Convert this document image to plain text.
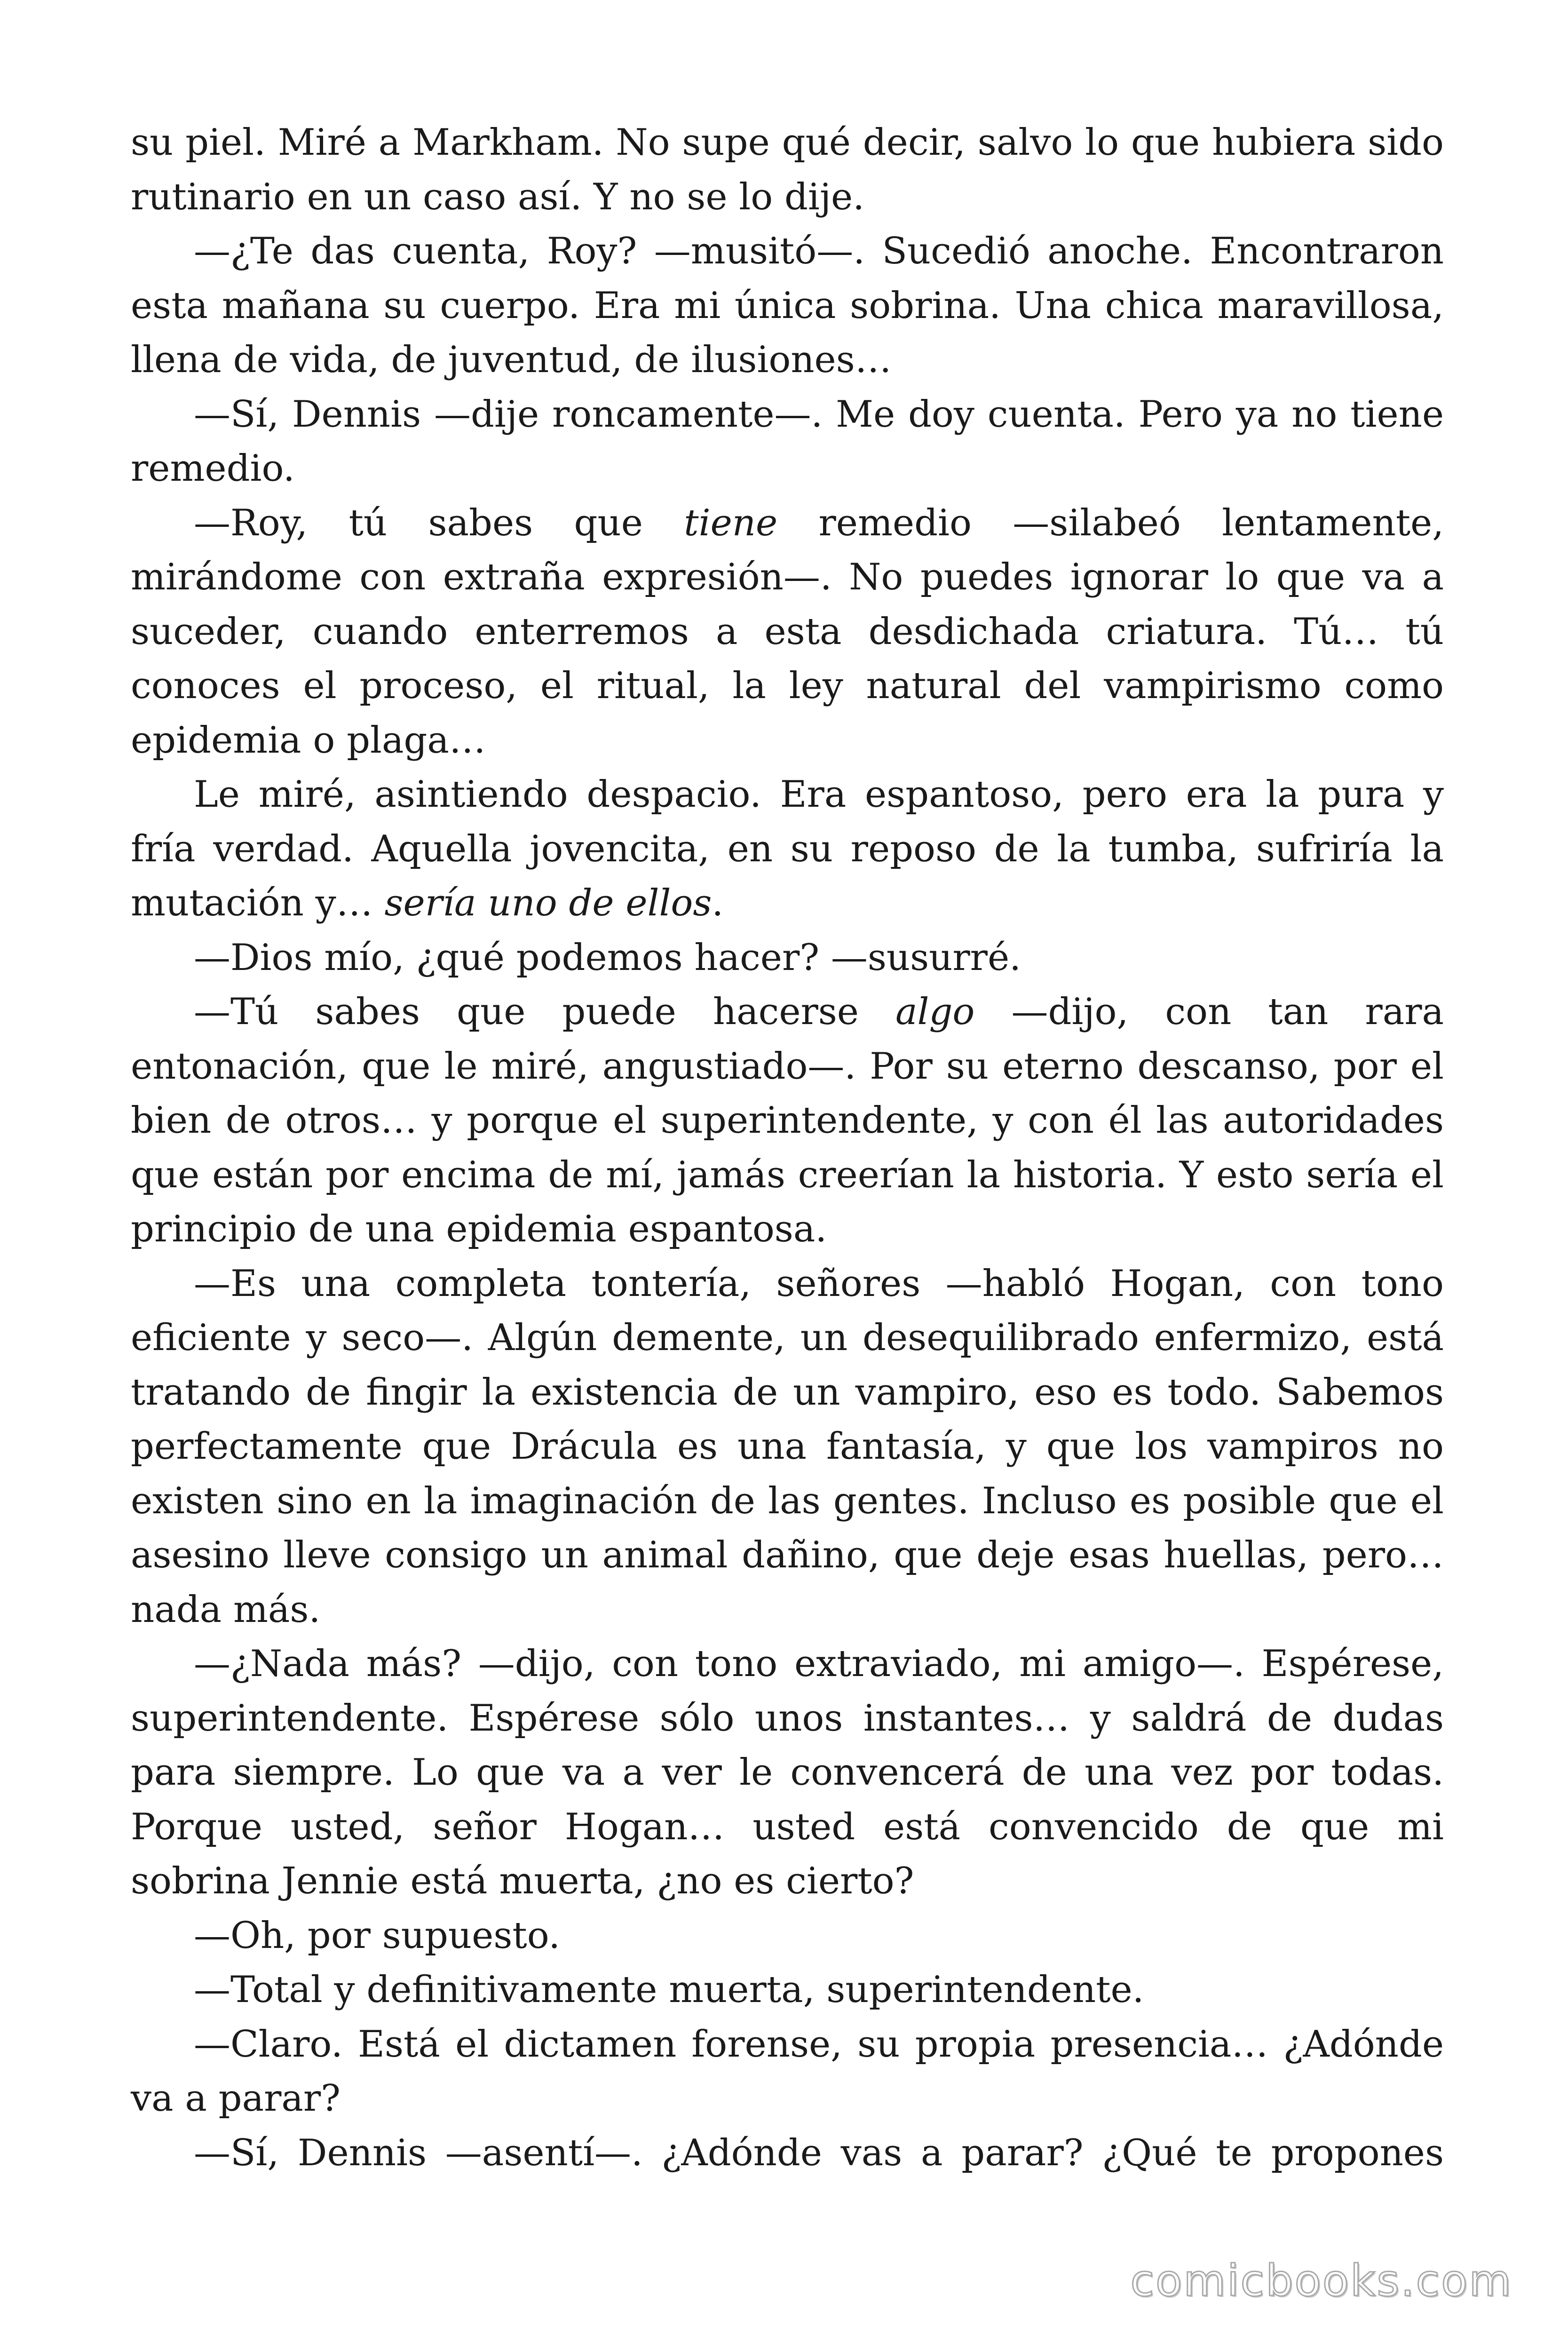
su piel. Miré a Markham. No supe qué decir, salvo lo que hubiera sido rutinario en un caso así. Y no se lo dije.

—¿Te das cuenta, Roy? —musitó—. Sucedió anoche. Encontraron esta mañana su cuerpo. Era mi única sobrina. Una chica maravillosa, llena de vida, de juventud, de ilusiones…

—Sí, Dennis —dije roncamente—. Me doy cuenta. Pero ya no tiene remedio.

—Roy, tú sabes que tiene remedio —silabeó lentamente, mirándome con extraña expresión—. No puedes ignorar lo que va a suceder, cuando enterremos a esta desdichada criatura. Tú… tú conoces el proceso, el ritual, la ley natural del vampirismo como epidemia o plaga…

Le miré, asintiendo despacio. Era espantoso, pero era la pura y fría verdad. Aquella jovencita, en su reposo de la tumba, sufriría la mutación y… sería uno de ellos.

—Dios mío, ¿qué podemos hacer? —susurré.

—Tú sabes que puede hacerse algo —dijo, con tan rara entonación, que le miré, angustiado—. Por su eterno descanso, por el bien de otros… y porque el superintendente, y con él las autoridades que están por encima de mí, jamás creerían la historia. Y esto sería el principio de una epidemia espantosa.

—Es una completa tontería, señores —habló Hogan, con tono eficiente y seco—. Algún demente, un desequilibrado enfermizo, está tratando de fingir la existencia de un vampiro, eso es todo. Sabemos perfectamente que Drácula es una fantasía, y que los vampiros no existen sino en la imaginación de las gentes. Incluso es posible que el asesino lleve consigo un animal dañino, que deje esas huellas, pero… nada más.

—¿Nada más? —dijo, con tono extraviado, mi amigo—. Espérese, superintendente. Espérese sólo unos instantes… y saldrá de dudas para siempre. Lo que va a ver le convencerá de una vez por todas. Porque usted, señor Hogan… usted está convencido de que mi sobrina Jennie está muerta, ¿no es cierto?

—Oh, por supuesto.

—Total y definitivamente muerta, superintendente.

—Claro. Está el dictamen forense, su propia presencia… ¿Adónde va a parar?

—Sí, Dennis —asentí—. ¿Adónde vas a parar? ¿Qué te propones

comicbooks.com
